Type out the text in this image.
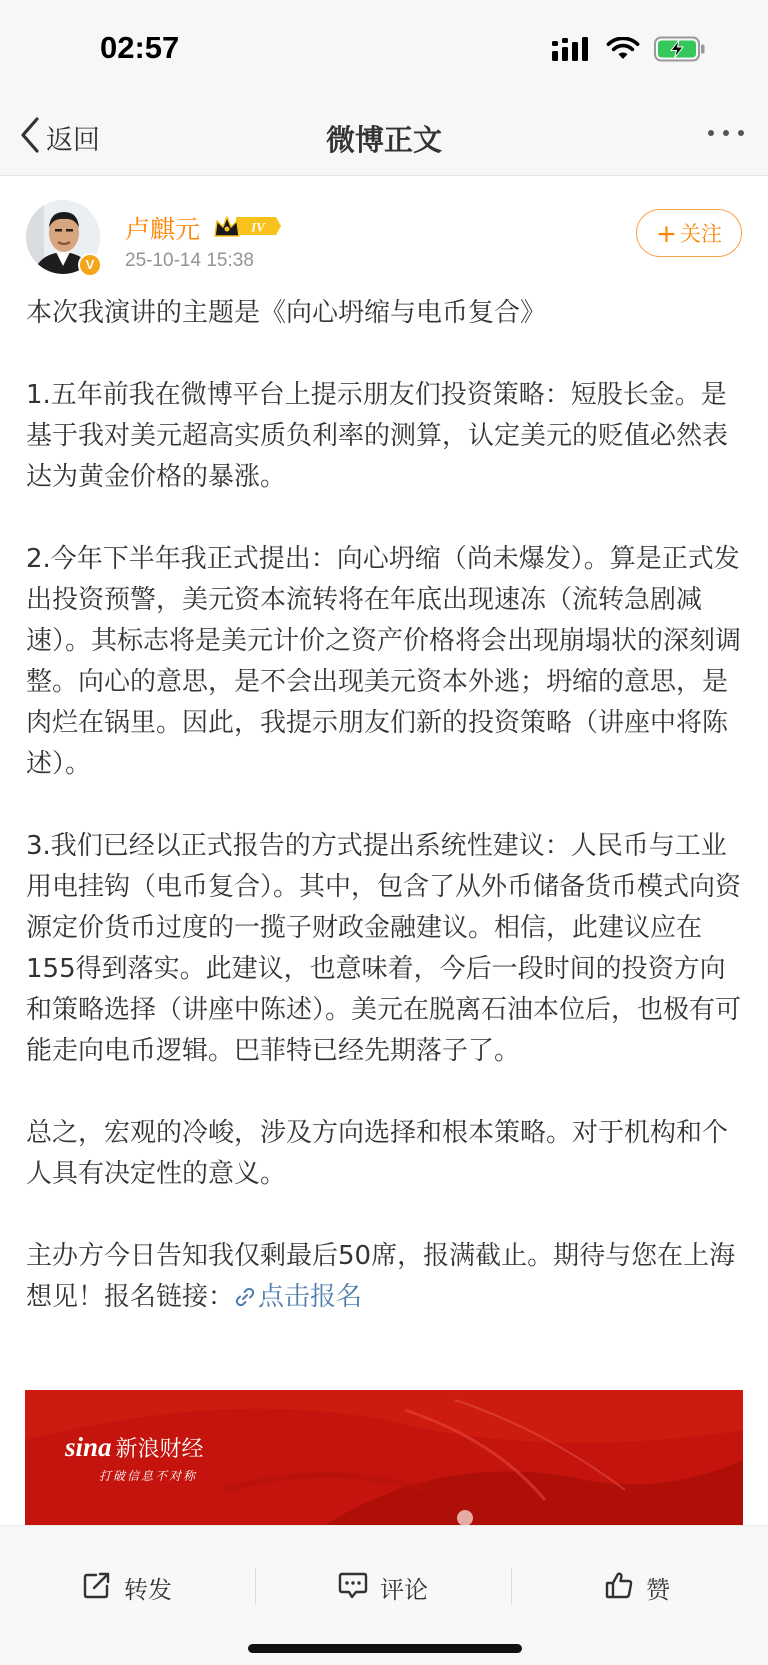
02:57
返回	微博正文
V
卢麒元	IV
25-10-14 15:38
+ 关注

本次我演讲的主题是《向心坍缩与电币复合》

1.五年前我在微博平台上提示朋友们投资策略：短股长金。是基于我对美元超高实质负利率的测算，认定美元的贬值必然表达为黄金价格的暴涨。

2.今年下半年我正式提出：向心坍缩（尚未爆发）。算是正式发出投资预警，美元资本流转将在年底出现速冻（流转急剧减速）。其标志将是美元计价之资产价格将会出现崩塌状的深刻调整。向心的意思，是不会出现美元资本外逃；坍缩的意思，是肉烂在锅里。因此，我提示朋友们新的投资策略（讲座中将陈述）。

3.我们已经以正式报告的方式提出系统性建议：人民币与工业用电挂钩（电币复合）。其中，包含了从外币储备货币模式向资源定价货币过度的一揽子财政金融建议。相信，此建议应在155得到落实。此建议，也意味着，今后一段时间的投资方向和策略选择（讲座中陈述）。美元在脱离石油本位后，也极有可能走向电币逻辑。巴菲特已经先期落子了。

总之，宏观的冷峻，涉及方向选择和根本策略。对于机构和个人具有决定性的意义。

主办方今日告知我仅剩最后50席，报满截止。期待与您在上海想见！报名链接： 点击报名

sina 新浪财经
打破信息不对称
转发	评论	赞
